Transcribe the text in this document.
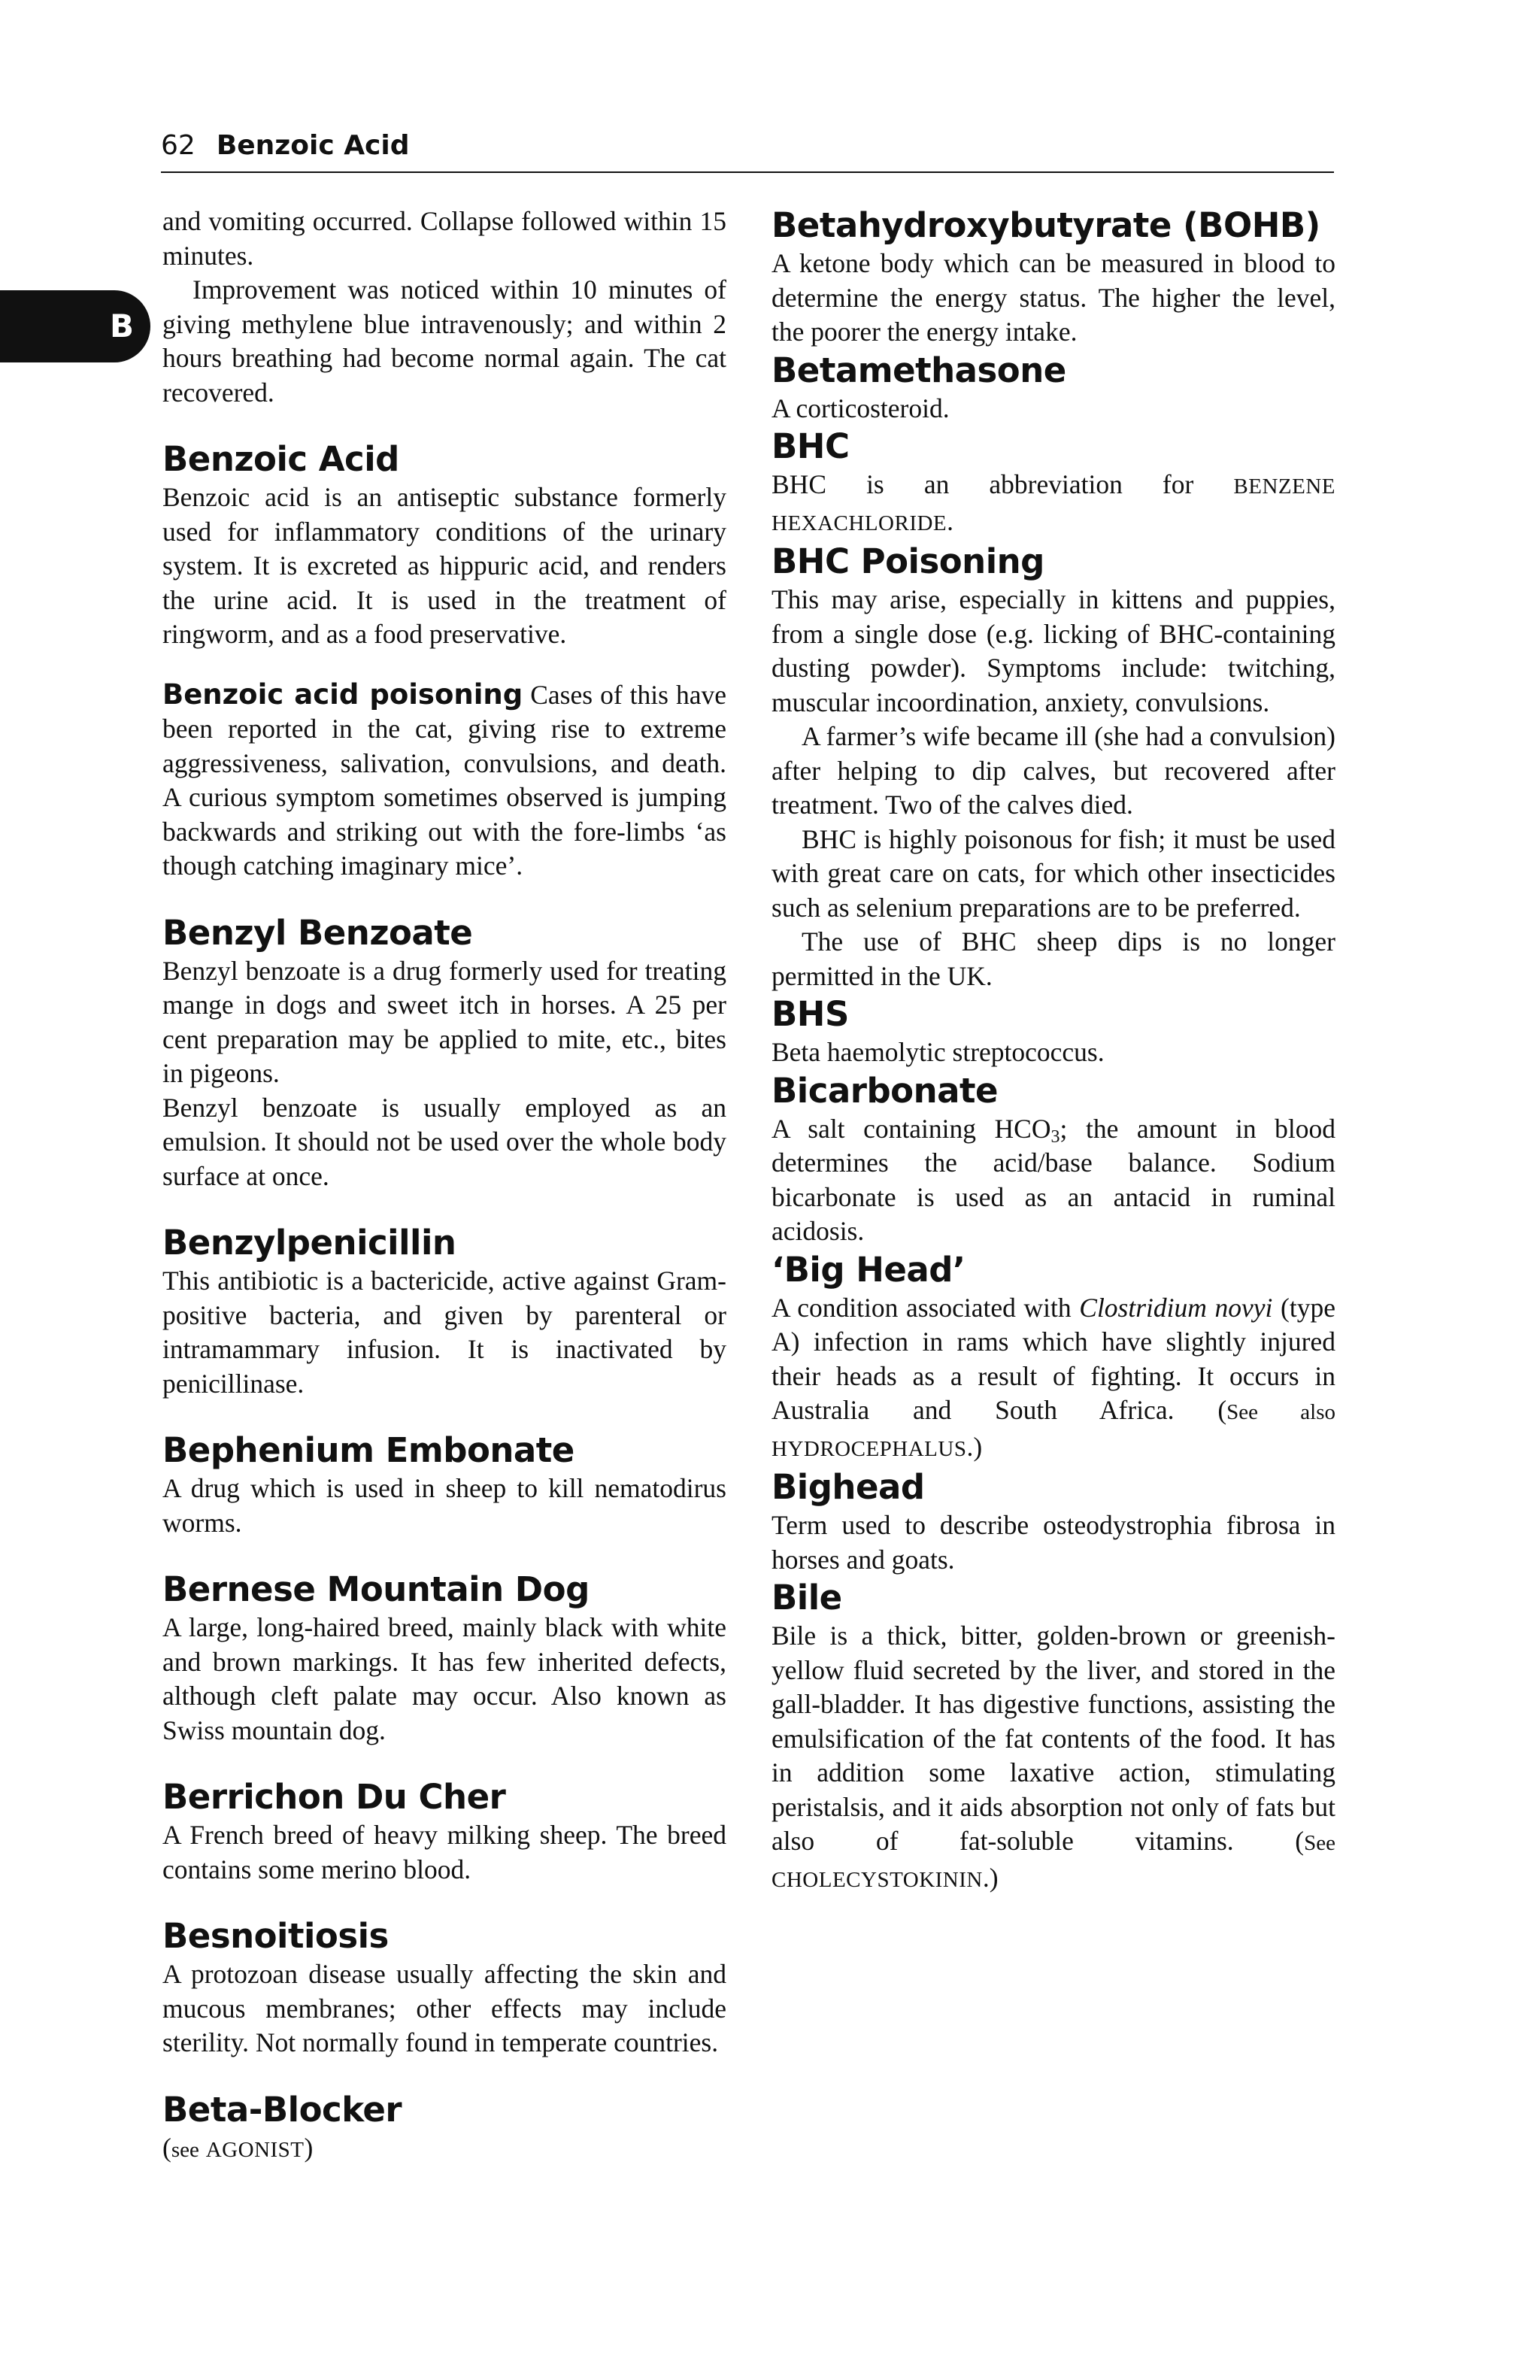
62 Benzoic Acid
B

and vomiting occurred. Collapse followed within 15 minutes.

Improvement was noticed within 10 minutes of giving methylene blue intravenously; and within 2 hours breathing had become normal again. The cat recovered.

Benzoic Acid

Benzoic acid is an antiseptic substance formerly used for inflammatory conditions of the urinary system. It is excreted as hippuric acid, and renders the urine acid. It is used in the treatment of ringworm, and as a food preservative.

Benzoic acid poisoning Cases of this have been reported in the cat, giving rise to extreme aggressiveness, salivation, convulsions, and death. A curious symptom sometimes observed is jumping backwards and striking out with the fore-limbs ‘as though catching imaginary mice’.

Benzyl Benzoate

Benzyl benzoate is a drug formerly used for treating mange in dogs and sweet itch in horses. A 25 per cent preparation may be applied to mite, etc., bites in pigeons.

Benzyl benzoate is usually employed as an emulsion. It should not be used over the whole body surface at once.

Benzylpenicillin

This antibiotic is a bactericide, active against Gram-positive bacteria, and given by parenteral or intramammary infusion. It is inactivated by penicillinase.

Bephenium Embonate

A drug which is used in sheep to kill nematodirus worms.

Bernese Mountain Dog

A large, long-haired breed, mainly black with white and brown markings. It has few inherited defects, although cleft palate may occur. Also known as Swiss mountain dog.

Berrichon Du Cher

A French breed of heavy milking sheep. The breed contains some merino blood.

Besnoitiosis

A protozoan disease usually affecting the skin and mucous membranes; other effects may include sterility. Not normally found in temperate countries.

Beta-Blocker

(see AGONIST)

Betahydroxybutyrate (BOHB)

A ketone body which can be measured in blood to determine the energy status. The higher the level, the poorer the energy intake.

Betamethasone

A corticosteroid.

BHC

BHC is an abbreviation for BENZENE HEXACHLORIDE.

BHC Poisoning

This may arise, especially in kittens and puppies, from a single dose (e.g. licking of BHC-containing dusting powder). Symptoms include: twitching, muscular incoordination, anxiety, convulsions.

A farmer’s wife became ill (she had a convulsion) after helping to dip calves, but recovered after treatment. Two of the calves died.

BHC is highly poisonous for fish; it must be used with great care on cats, for which other insecticides such as selenium preparations are to be preferred.

The use of BHC sheep dips is no longer permitted in the UK.

BHS

Beta haemolytic streptococcus.

Bicarbonate

A salt containing $HCO_3$; the amount in blood determines the acid/base balance. Sodium bicarbonate is used as an antacid in ruminal acidosis.

‘Big Head’

A condition associated with Clostridium novyi (type A) infection in rams which have slightly injured their heads as a result of fighting. It occurs in Australia and South Africa. (See also HYDROCEPHALUS.)

Bighead

Term used to describe osteodystrophia fibrosa in horses and goats.

Bile

Bile is a thick, bitter, golden-brown or greenish-yellow fluid secreted by the liver, and stored in the gall-bladder. It has digestive functions, assisting the emulsification of the fat contents of the food. It has in addition some laxative action, stimulating peristalsis, and it aids absorption not only of fats but also of fat-soluble vitamins. (See CHOLECYSTOKININ.)
